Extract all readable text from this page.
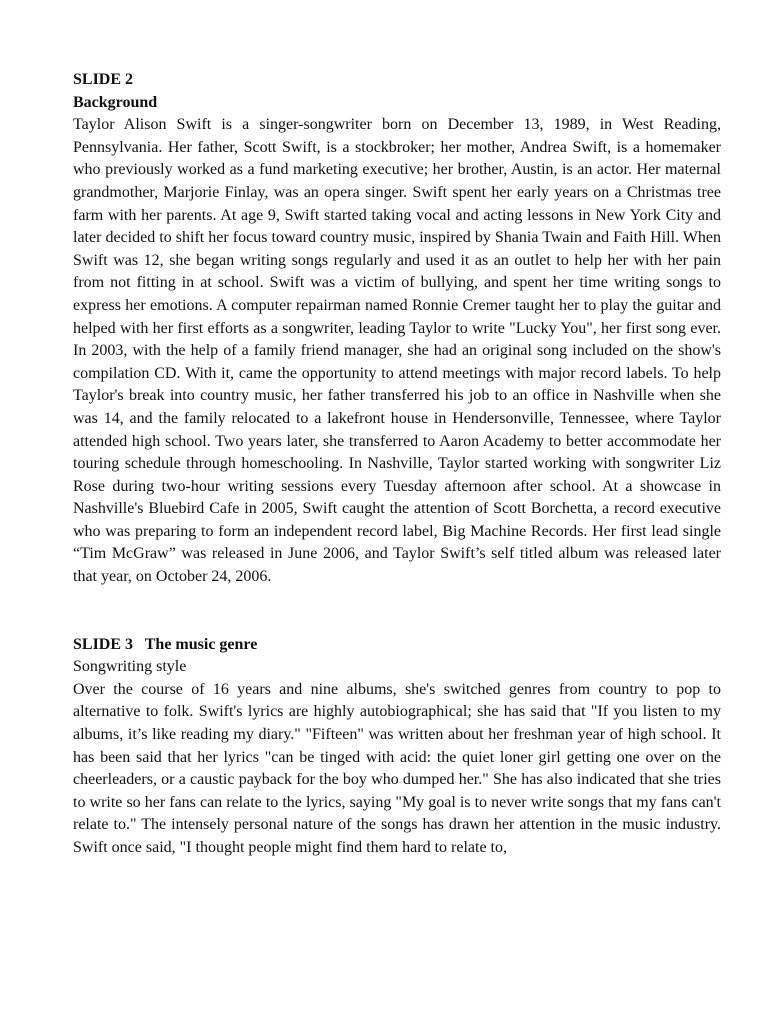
SLIDE 2

Background

Taylor Alison Swift is a singer-songwriter born on December 13, 1989, in West Reading, Pennsylvania. Her father, Scott Swift, is a stockbroker; her mother, Andrea Swift, is a homemaker who previously worked as a fund marketing executive; her brother, Austin, is an actor. Her maternal grandmother, Marjorie Finlay, was an opera singer. Swift spent her early years on a Christmas tree farm with her parents. At age 9, Swift started taking vocal and acting lessons in New York City and later decided to shift her focus toward country music, inspired by Shania Twain and Faith Hill. When Swift was 12, she began writing songs regularly and used it as an outlet to help her with her pain from not fitting in at school. Swift was a victim of bullying, and spent her time writing songs to express her emotions. A computer repairman named Ronnie Cremer taught her to play the guitar and helped with her first efforts as a songwriter, leading Taylor to write "Lucky You", her first song ever. In 2003, with the help of a family friend manager, she had an original song included on the show's compilation CD. With it, came the opportunity to attend meetings with major record labels. To help Taylor's break into country music, her father transferred his job to an office in Nashville when she was 14, and the family relocated to a lakefront house in Hendersonville, Tennessee, where Taylor attended high school. Two years later, she transferred to Aaron Academy to better accommodate her touring schedule through homeschooling. In Nashville, Taylor started working with songwriter Liz Rose during two-hour writing sessions every Tuesday afternoon after school. At a showcase in Nashville's Bluebird Cafe in 2005, Swift caught the attention of Scott Borchetta, a record executive who was preparing to form an independent record label, Big Machine Records. Her first lead single “Tim McGraw” was released in June 2006, and Taylor Swift’s self titled album was released later that year, on October 24, 2006.

SLIDE 3 The music genre

Songwriting style

Over the course of 16 years and nine albums, she's switched genres from country to pop to alternative to folk. Swift's lyrics are highly autobiographical; she has said that "If you listen to my albums, it’s like reading my diary." "Fifteen" was written about her freshman year of high school. It has been said that her lyrics "can be tinged with acid: the quiet loner girl getting one over on the cheerleaders, or a caustic payback for the boy who dumped her." She has also indicated that she tries to write so her fans can relate to the lyrics, saying "My goal is to never write songs that my fans can't relate to." The intensely personal nature of the songs has drawn her attention in the music industry. Swift once said, "I thought people might find them hard to relate to,
